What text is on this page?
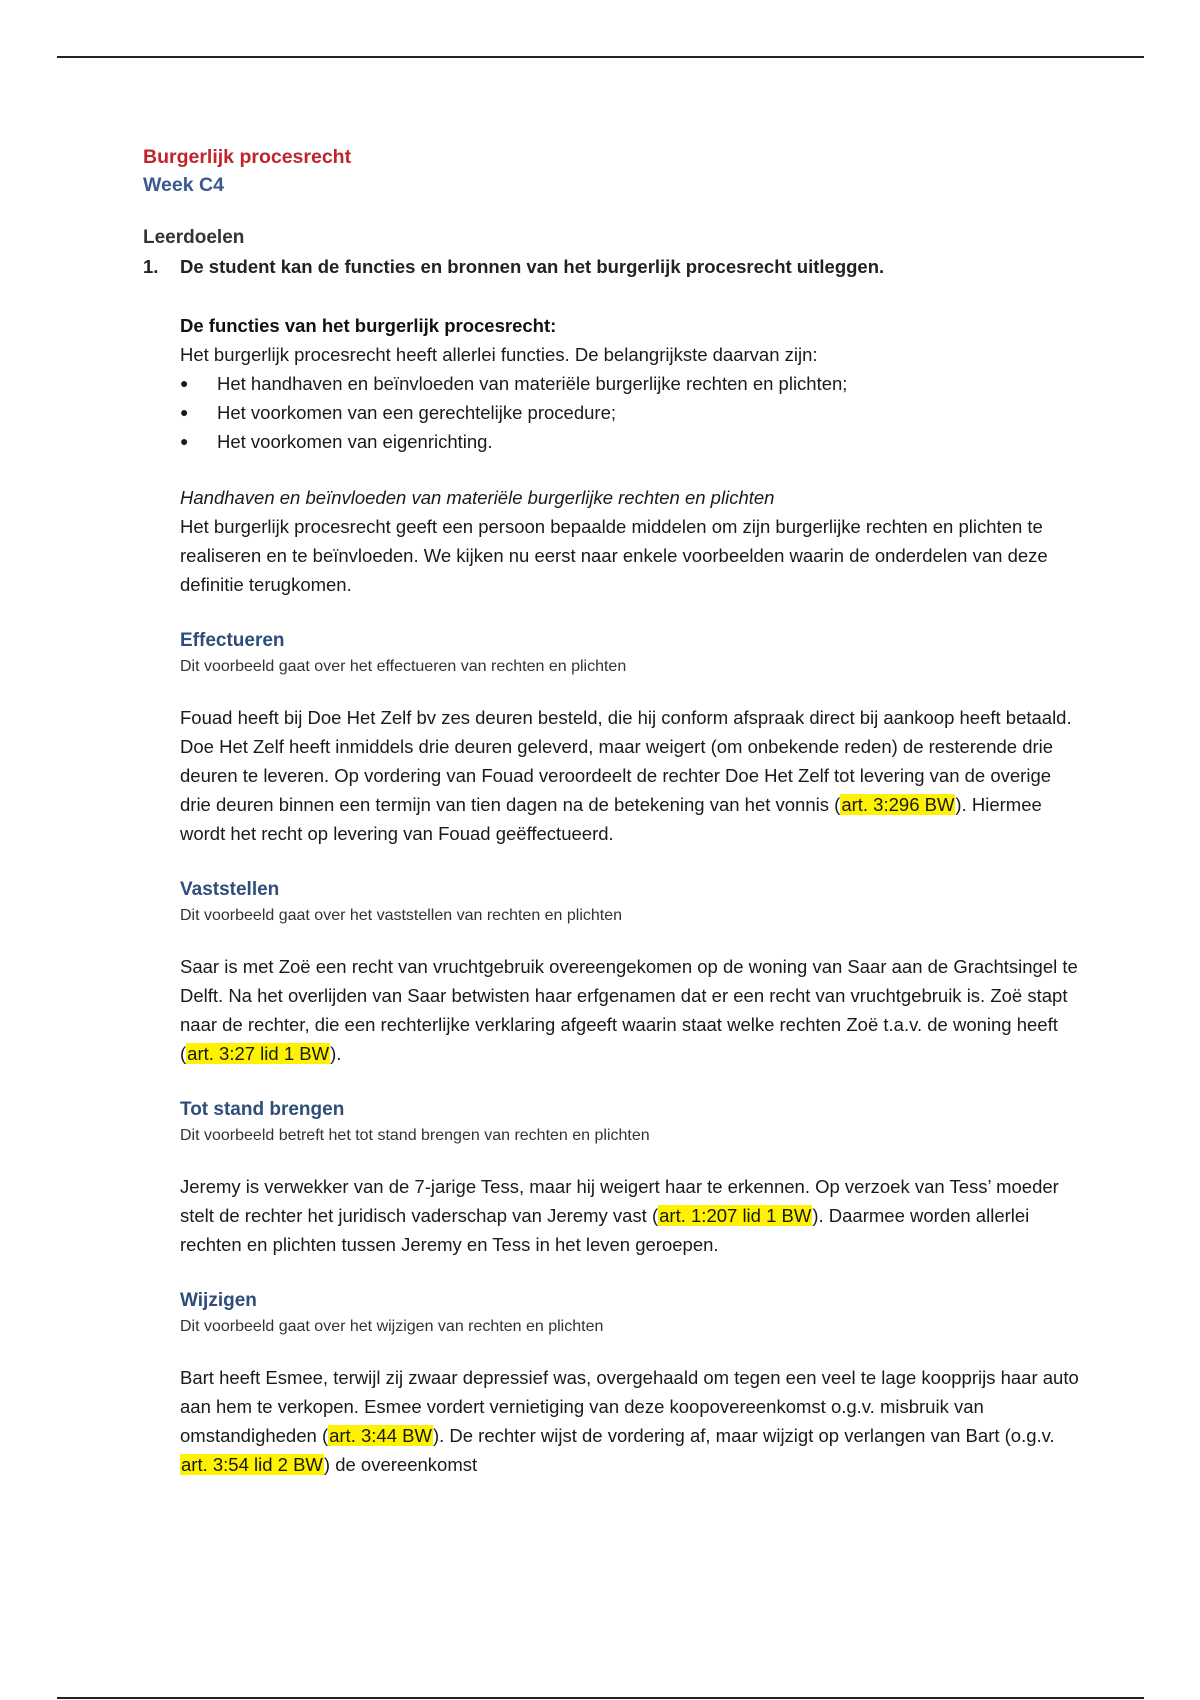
Burgerlijk procesrecht
Week C4
Leerdoelen
1.	De student kan de functies en bronnen van het burgerlijk procesrecht uitleggen.
De functies van het burgerlijk procesrecht:
Het burgerlijk procesrecht heeft allerlei functies. De belangrijkste daarvan zijn:
●	Het handhaven en beïnvloeden van materiële burgerlijke rechten en plichten;
●	Het voorkomen van een gerechtelijke procedure;
●	Het voorkomen van eigenrichting.
Handhaven en beïnvloeden van materiële burgerlijke rechten en plichten
Het burgerlijk procesrecht geeft een persoon bepaalde middelen om zijn burgerlijke rechten en plichten te realiseren en te beïnvloeden. We kijken nu eerst naar enkele voorbeelden waarin de onderdelen van deze definitie terugkomen.
Effectueren
Dit voorbeeld gaat over het effectueren van rechten en plichten
Fouad heeft bij Doe Het Zelf bv zes deuren besteld, die hij conform afspraak direct bij aankoop heeft betaald. Doe Het Zelf heeft inmiddels drie deuren geleverd, maar weigert (om onbekende reden) de resterende drie deuren te leveren. Op vordering van Fouad veroordeelt de rechter Doe Het Zelf tot levering van de overige drie deuren binnen een termijn van tien dagen na de betekening van het vonnis (art. 3:296 BW). Hiermee wordt het recht op levering van Fouad geëffectueerd.
Vaststellen
Dit voorbeeld gaat over het vaststellen van rechten en plichten
Saar is met Zoë een recht van vruchtgebruik overeengekomen op de woning van Saar aan de Grachtsingel te Delft. Na het overlijden van Saar betwisten haar erfgenamen dat er een recht van vruchtgebruik is. Zoë stapt naar de rechter, die een rechterlijke verklaring afgeeft waarin staat welke rechten Zoë t.a.v. de woning heeft (art. 3:27 lid 1 BW).
Tot stand brengen
Dit voorbeeld betreft het tot stand brengen van rechten en plichten
Jeremy is verwekker van de 7-jarige Tess, maar hij weigert haar te erkennen. Op verzoek van Tess’ moeder stelt de rechter het juridisch vaderschap van Jeremy vast (art. 1:207 lid 1 BW). Daarmee worden allerlei rechten en plichten tussen Jeremy en Tess in het leven geroepen.
Wijzigen
Dit voorbeeld gaat over het wijzigen van rechten en plichten
Bart heeft Esmee, terwijl zij zwaar depressief was, overgehaald om tegen een veel te lage koopprijs haar auto aan hem te verkopen. Esmee vordert vernietiging van deze koopovereenkomst o.g.v. misbruik van omstandigheden (art. 3:44 BW). De rechter wijst de vordering af, maar wijzigt op verlangen van Bart (o.g.v. art. 3:54 lid 2 BW) de overeenkomst
